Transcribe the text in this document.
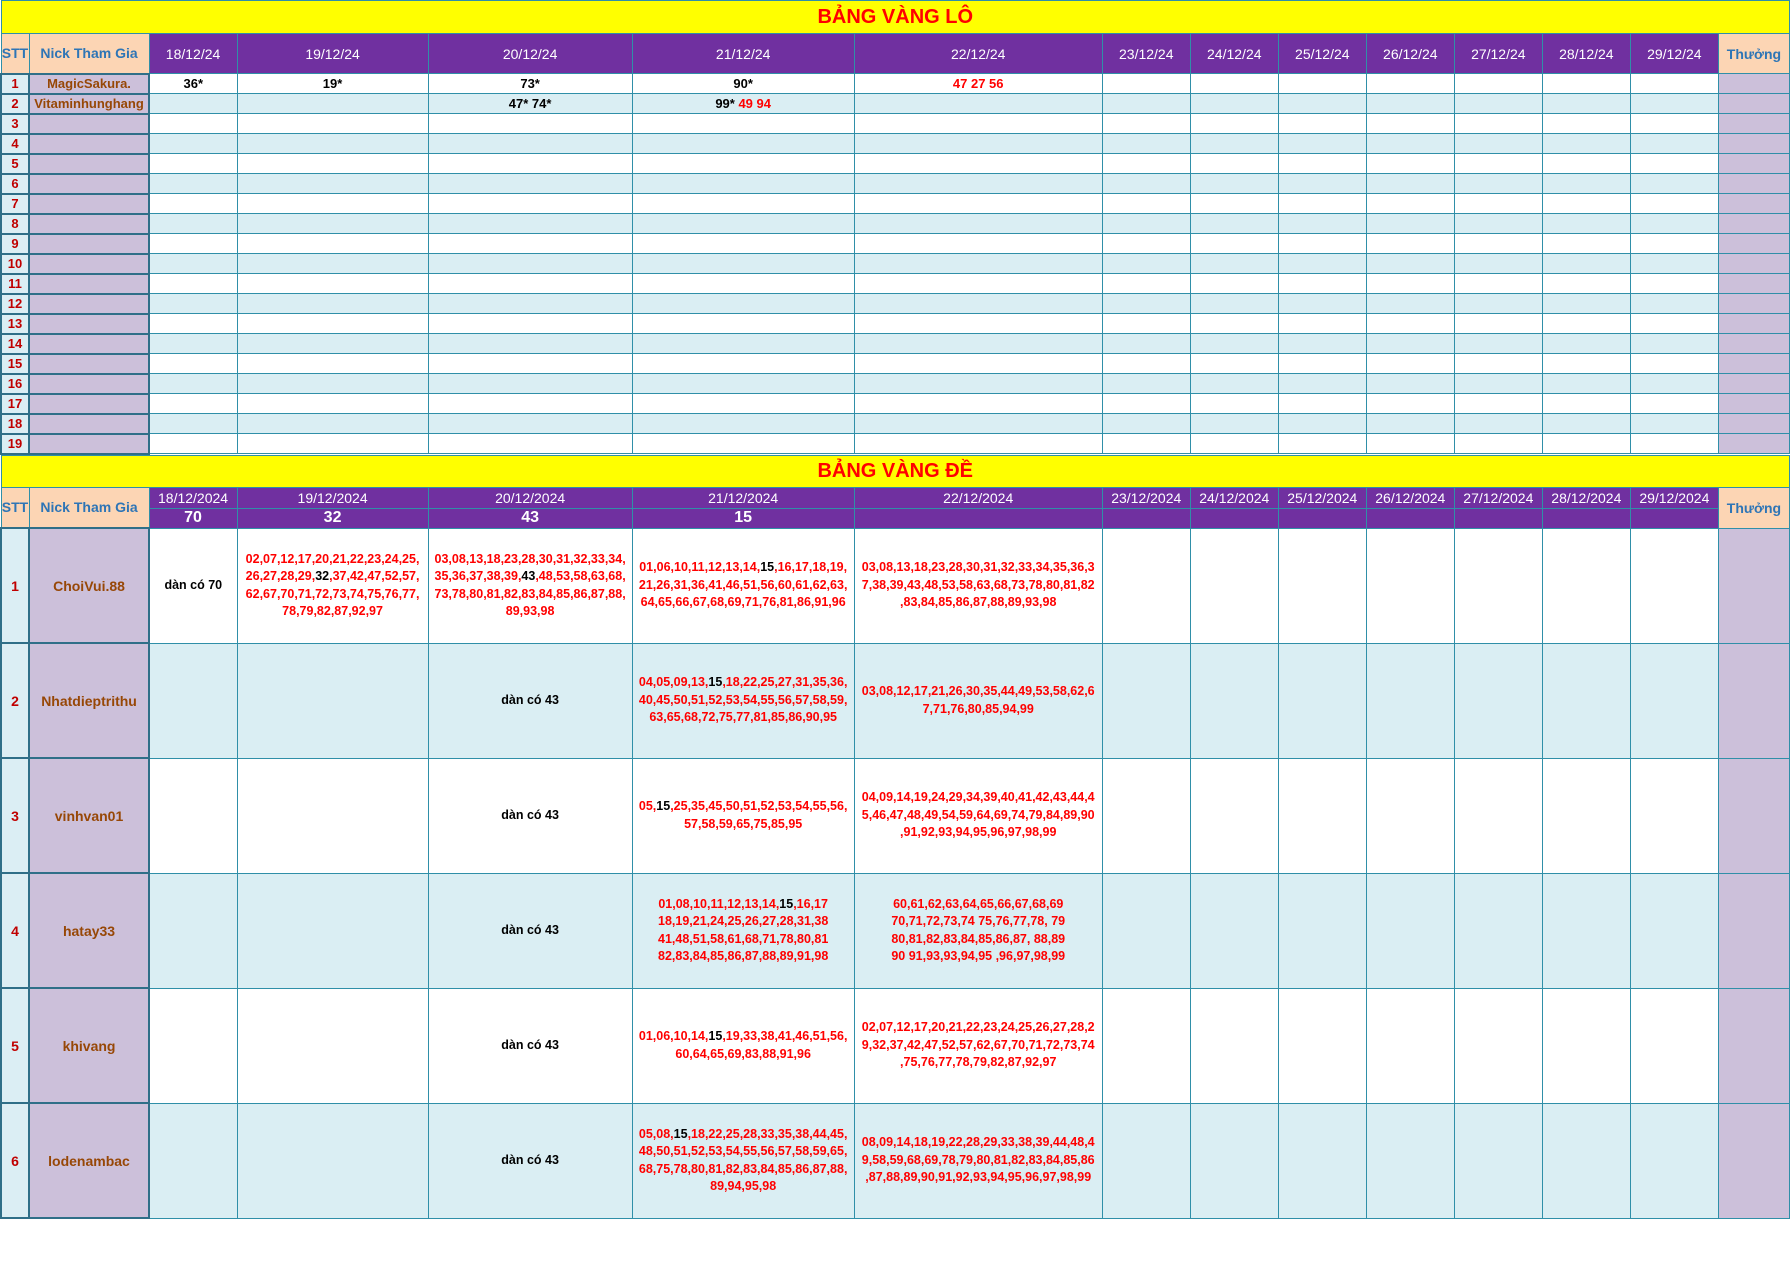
BẢNG VÀNG LÔ														
STT	Nick Tham Gia	18/12/24	19/12/24	20/12/24	21/12/24	22/12/24	23/12/24	24/12/24	25/12/24	26/12/24	27/12/24	28/12/24	29/12/24	Thưởng
1	MagicSakura.	36*	19*	73*	90*	47 27 56								
2	Vitaminhunghang			47* 74*	99* 49 94									
3														
4														
5														
6														
7														
8														
9														
10														
11														
12														
13														
14														
15														
16														
17														
18														
19														
BẢNG VÀNG ĐỀ														
STT	Nick Tham Gia	18/12/2024	19/12/2024	20/12/2024	21/12/2024	22/12/2024	23/12/2024	24/12/2024	25/12/2024	26/12/2024	27/12/2024	28/12/2024	29/12/2024	Thưởng
		70	32	43	15									
1	ChoiVui.88	dàn có 70	02,07,12,17,20,21,22,23,24,25,
26,27,28,29,32,37,42,47,52,57,
62,67,70,71,72,73,74,75,76,77,
78,79,82,87,92,97	03,08,13,18,23,28,30,31,32,33,34,
35,36,37,38,39,43,48,53,58,63,68,
73,78,80,81,82,83,84,85,86,87,88,
89,93,98	01,06,10,11,12,13,14,15,16,17,18,19,
21,26,31,36,41,46,51,56,60,61,62,63,
64,65,66,67,68,69,71,76,81,86,91,96	03,08,13,18,23,28,30,31,32,33,34,35,36,3
7,38,39,43,48,53,58,63,68,73,78,80,81,82
,83,84,85,86,87,88,89,93,98								
2	Nhatdieptrithu			dàn có 43	04,05,09,13,15,18,22,25,27,31,35,36,
40,45,50,51,52,53,54,55,56,57,58,59,
63,65,68,72,75,77,81,85,86,90,95	03,08,12,17,21,26,30,35,44,49,53,58,62,6
7,71,76,80,85,94,99								
3	vinhvan01			dàn có 43	05,15,25,35,45,50,51,52,53,54,55,56,
57,58,59,65,75,85,95	04,09,14,19,24,29,34,39,40,41,42,43,44,4
5,46,47,48,49,54,59,64,69,74,79,84,89,90
,91,92,93,94,95,96,97,98,99								
4	hatay33			dàn có 43	01,08,10,11,12,13,14,15,16,17
18,19,21,24,25,26,27,28,31,38
41,48,51,58,61,68,71,78,80,81
82,83,84,85,86,87,88,89,91,98	60,61,62,63,64,65,66,67,68,69
70,71,72,73,74 75,76,77,78, 79
80,81,82,83,84,85,86,87, 88,89
90 91,93,93,94,95 ,96,97,98,99								
5	khivang			dàn có 43	01,06,10,14,15,19,33,38,41,46,51,56,
60,64,65,69,83,88,91,96	02,07,12,17,20,21,22,23,24,25,26,27,28,2
9,32,37,42,47,52,57,62,67,70,71,72,73,74
,75,76,77,78,79,82,87,92,97								
6	lodenambac			dàn có 43	05,08,15,18,22,25,28,33,35,38,44,45,
48,50,51,52,53,54,55,56,57,58,59,65,
68,75,78,80,81,82,83,84,85,86,87,88,
89,94,95,98	08,09,14,18,19,22,28,29,33,38,39,44,48,4
9,58,59,68,69,78,79,80,81,82,83,84,85,86
,87,88,89,90,91,92,93,94,95,96,97,98,99								
